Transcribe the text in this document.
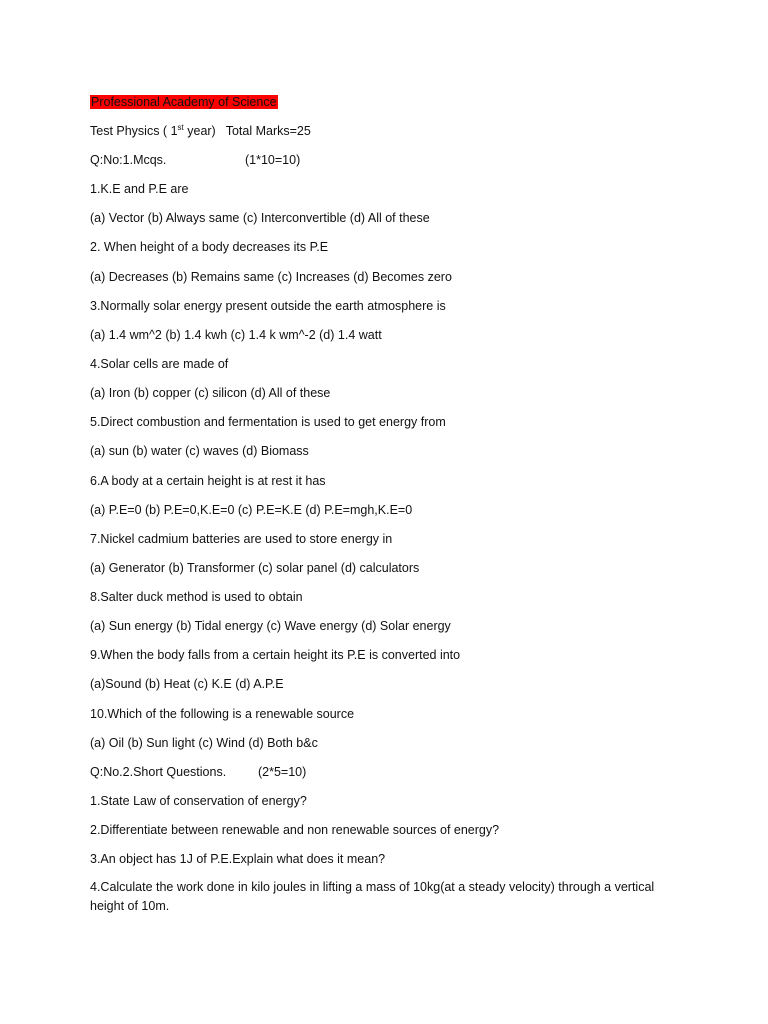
Professional Academy of Science
Test Physics ( 1st year) Total Marks=25
Q:No:1.Mcqs.	(1*10=10)
1.K.E and P.E are
(a) Vector (b) Always same (c) Interconvertible (d) All of these
2. When height of a body decreases its P.E
(a) Decreases (b) Remains same (c) Increases (d) Becomes zero
3.Normally solar energy present outside the earth atmosphere is
(a) 1.4 wm^2 (b) 1.4 kwh (c) 1.4 k wm^-2 (d) 1.4 watt
4.Solar cells are made of
(a) Iron (b) copper (c) silicon (d) All of these
5.Direct combustion and fermentation is used to get energy from
(a) sun (b) water (c) waves (d) Biomass
6.A body at a certain height is at rest it has
(a) P.E=0 (b) P.E=0,K.E=0 (c) P.E=K.E (d) P.E=mgh,K.E=0
7.Nickel cadmium batteries are used to store energy in
(a) Generator (b) Transformer (c) solar panel (d) calculators
8.Salter duck method is used to obtain
(a) Sun energy (b) Tidal energy (c) Wave energy (d) Solar energy
9.When the body falls from a certain height its P.E is converted into
(a)Sound (b) Heat (c) K.E (d) A.P.E
10.Which of the following is a renewable source
(a) Oil (b) Sun light (c) Wind (d) Both b&c
Q:No.2.Short Questions.	(2*5=10)
1.State Law of conservation of energy?
2.Differentiate between renewable and non renewable sources of energy?
3.An object has 1J of P.E.Explain what does it mean?
4.Calculate the work done in kilo joules in lifting a mass of 10kg(at a steady velocity) through a vertical height of 10m.
